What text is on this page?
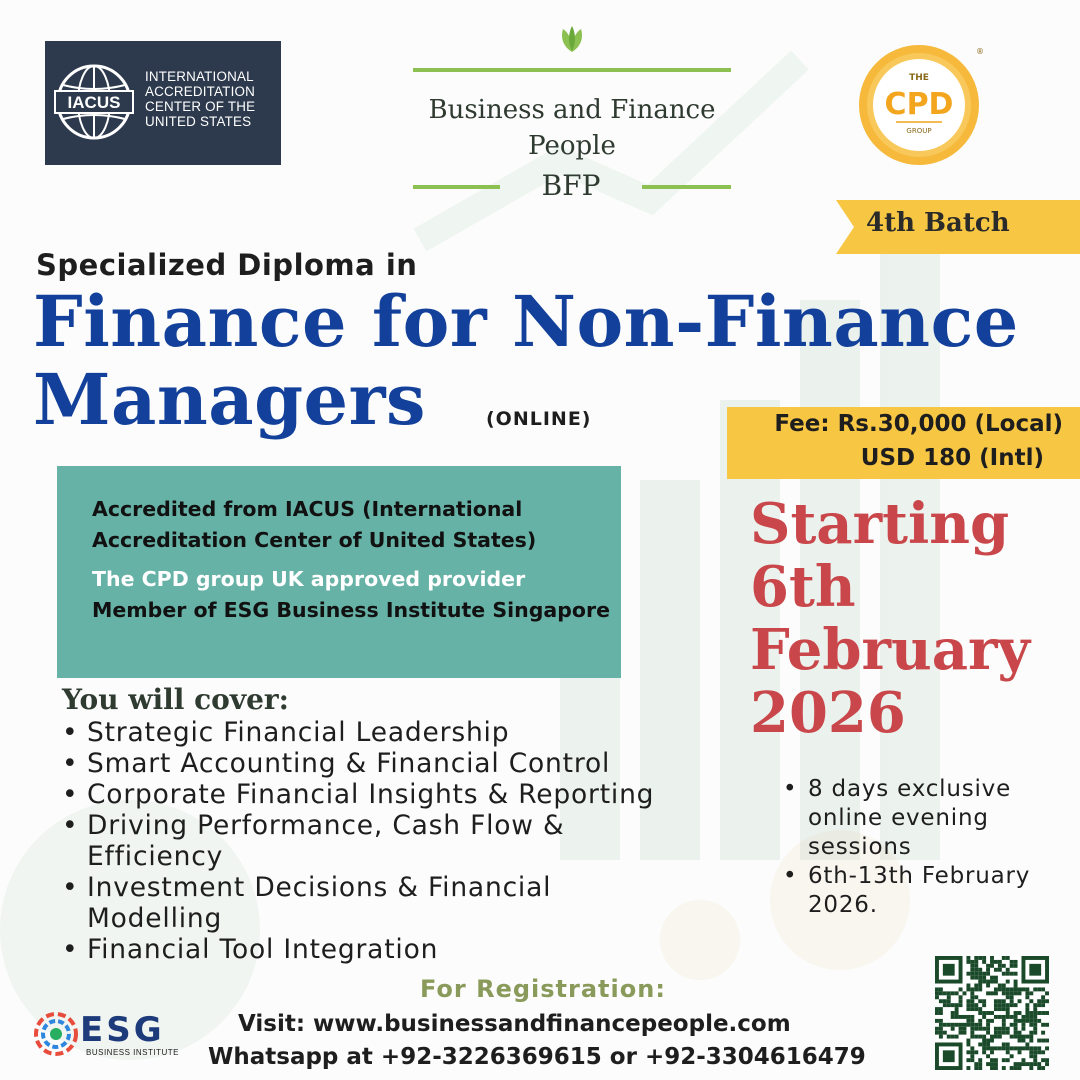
IACUS
INTERNATIONAL
ACCREDITATION
CENTER OF THE
UNITED STATES	Business and Finance
People
BFP
THE
CPD
GROUP
®
4th Batch
Specialized Diploma in
Finance for Non-Finance
Managers	(ONLINE)	Fee: Rs.30,000 (Local)
USD 180 (Intl)
Accredited from IACUS (International Accreditation Center of United States)
The CPD group UK approved provider
Member of ESG Business Institute Singapore
Starting
6th
February
2026
You will cover:
• Strategic Financial Leadership
• Smart Accounting & Financial Control
• Corporate Financial Insights & Reporting
• Driving Performance, Cash Flow & Efficiency
• Investment Decisions & Financial Modelling
• Financial Tool Integration
• 8 days exclusive online evening sessions
• 6th-13th February 2026.
For Registration:
Visit: www.businessandfinancepeople.com
Whatsapp at +92-3226369615 or +92-3304616479
ESG
BUSINESS INSTITUTE
